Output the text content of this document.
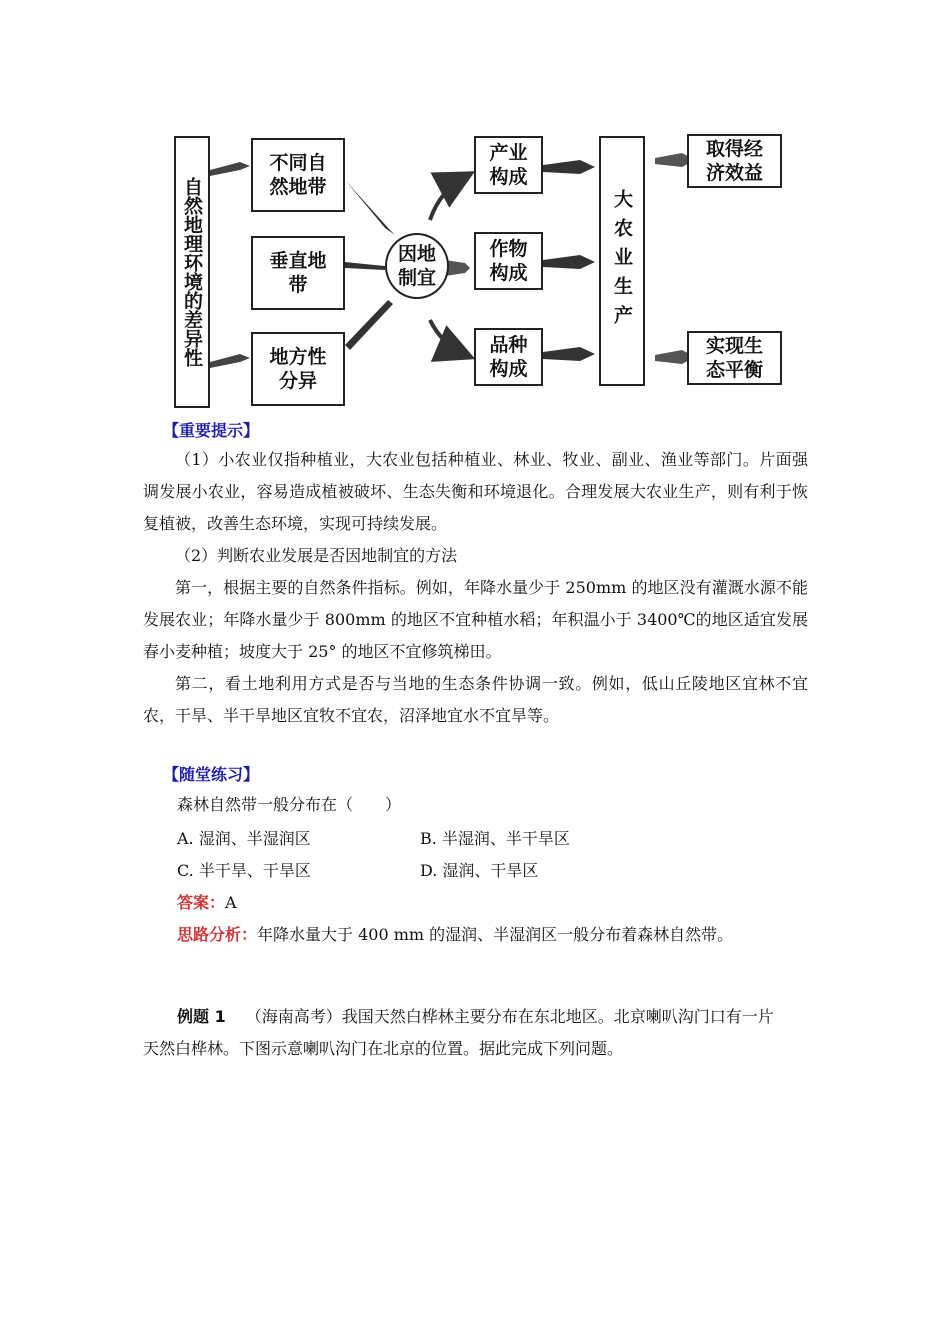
自然地理环境的差异性
不同自然地带
垂直地带
地方性分异
因地制宜
产业构成
作物构成
品种构成
大农业生产
取得经济效益
实现生态平衡
【重要提示】
（1）小农业仅指种植业，大农业包括种植业、林业、牧业、副业、渔业等部门。片面强调发展小农业，容易造成植被破坏、生态失衡和环境退化。合理发展大农业生产，则有利于恢复植被，改善生态环境，实现可持续发展。
（2）判断农业发展是否因地制宜的方法
第一，根据主要的自然条件指标。例如，年降水量少于 250mm 的地区没有灌溉水源不能发展农业；年降水量少于 800mm 的地区不宜种植水稻；年积温小于 3400℃的地区适宜发展春小麦种植；坡度大于 25° 的地区不宜修筑梯田。
第二，看土地利用方式是否与当地的生态条件协调一致。例如，低山丘陵地区宜林不宜农，干旱、半干旱地区宜牧不宜农，沼泽地宜水不宜旱等。
【随堂练习】
森林自然带一般分布在（　　）
A. 湿润、半湿润区	B. 半湿润、半干旱区
C. 半干旱、干旱区	D. 湿润、干旱区
答案：A
思路分析：年降水量大于 400 mm 的湿润、半湿润区一般分布着森林自然带。
例题 1 （海南高考）我国天然白桦林主要分布在东北地区。北京喇叭沟门口有一片
天然白桦林。下图示意喇叭沟门在北京的位置。据此完成下列问题。
